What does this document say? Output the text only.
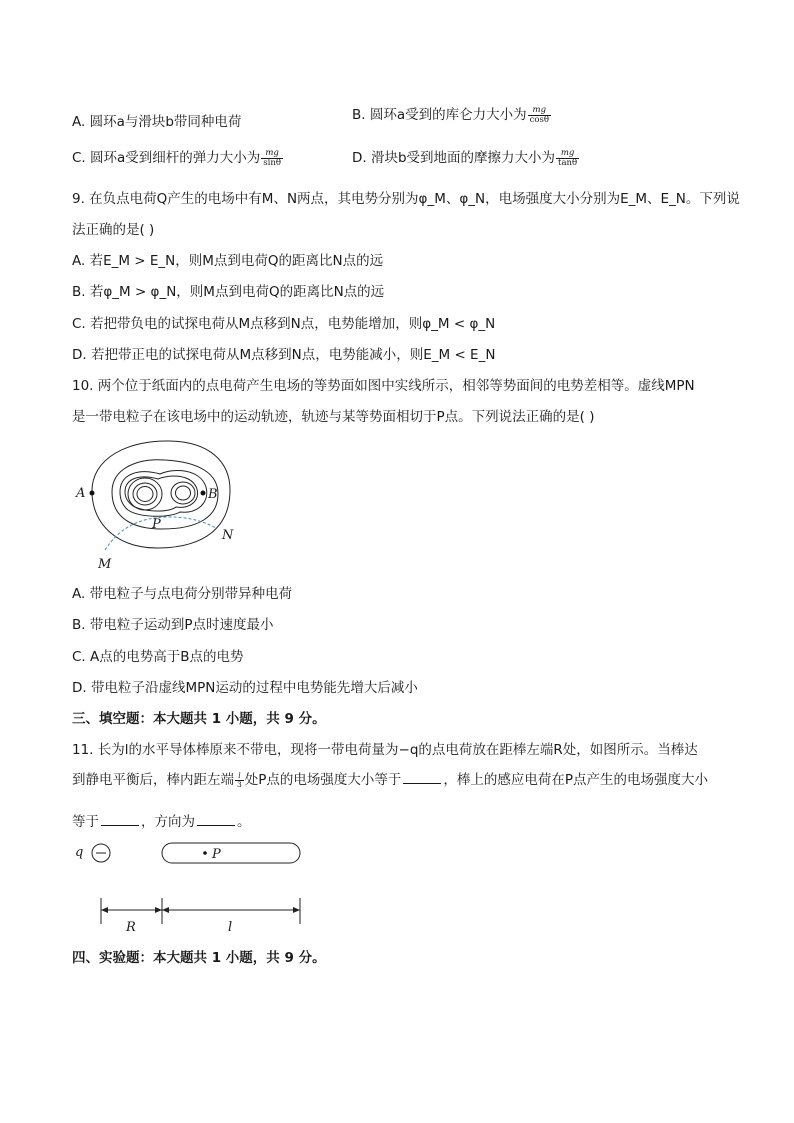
A. 圆环a与滑块b带同种电荷	B. 圆环a受到的库仑力大小为 $\frac{mg}{\cos\theta}$
C. 圆环a受到细杆的弹力大小为 $\frac{mg}{\sin\theta}$	D. 滑块b受到地面的摩擦力大小为 $\frac{mg}{\tan\theta}$
9. 在负点电荷Q产生的电场中有M、N两点，其电势分别为φ_M、φ_N，电场强度大小分别为E_M、E_N。下列说
法正确的是( )
A. 若E_M > E_N，则M点到电荷Q的距离比N点的远
B. 若φ_M > φ_N，则M点到电荷Q的距离比N点的远
C. 若把带负电的试探电荷从M点移到N点，电势能增加，则φ_M < φ_N
D. 若把带正电的试探电荷从M点移到N点，电势能减小，则E_M < E_N
10. 两个位于纸面内的点电荷产生电场的等势面如图中实线所示，相邻等势面间的电势差相等。虚线MPN
是一带电粒子在该电场中的运动轨迹，轨迹与某等势面相切于P点。下列说法正确的是( )
A	B
P
N
M
A. 带电粒子与点电荷分别带异种电荷
B. 带电粒子运动到P点时速度最小
C. A点的电势高于B点的电势
D. 带电粒子沿虚线MPN运动的过程中电势能先增大后减小
三、填空题：本大题共 1 小题，共 9 分。
11. 长为l的水平导体棒原来不带电，现将一带电荷量为−q的点电荷放在距棒左端R处，如图所示。当棒达
到静电平衡后，棒内距左端 $\frac{l}{3}$ 处P点的电场强度大小等于	，棒上的感应电荷在P点产生的电场强度大小
等于	，方向为	。
q	P
R	l
四、实验题：本大题共 1 小题，共 9 分。
